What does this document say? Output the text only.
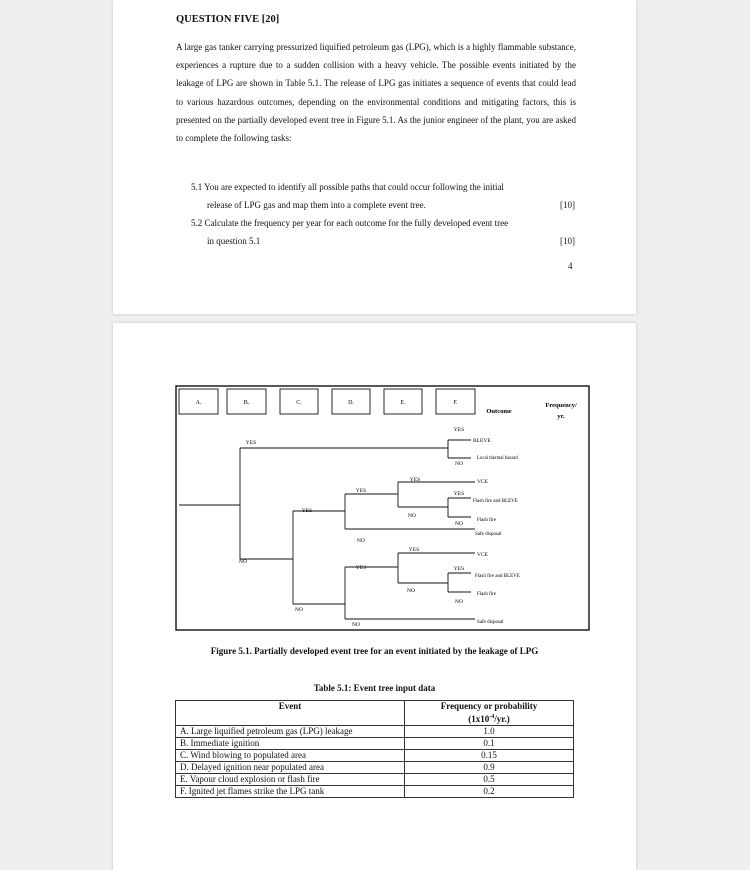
QUESTION FIVE [20]

A large gas tanker carrying pressurized liquified petroleum gas (LPG), which is a highly flammable substance, experiences a rupture due to a sudden collision with a heavy vehicle. The possible events initiated by the leakage of LPG are shown in Table 5.1. The release of LPG gas initiates a sequence of events that could lead to various hazardous outcomes, depending on the environmental conditions and mitigating factors, this is presented on the partially developed event tree in Figure 5.1. As the junior engineer of the plant, you are asked to complete the following tasks:

5.1 You are expected to identify all possible paths that could occur following the initial
release of LPG gas and map them into a complete event tree.	[10]
5.2 Calculate the frequency per year for each outcome for the fully developed event tree
in question 5.1	[10]
4
A.	B.	C.	D.	E.	F.
Outcome
Frequency/
yr.
YES
NO
YES
NO
YES
YES
NO
YES
NO
YES
NO
NO
YES
YES
NO
YES
NO
NO
BLEVE
Local thermal hazard
VCE
Flash fire and BLEVE
Flash fire
Safe disposal
VCE
Flash fire and BLEVE
Flash fire
Safe disposal
Figure 5.1. Partially developed event tree for an event initiated by the leakage of LPG
Table 5.1: Event tree input data
Event	Frequency or probability
$(1x10^{-4}/yr.)$
A. Large liquified petroleum gas (LPG) leakage	1.0
B. Immediate ignition	0.1
C. Wind blowing to populated area	0.15
D. Delayed ignition near populated area	0.9
E. Vapour cloud explosion or flash fire	0.5
F. Ignited jet flames strike the LPG tank	0.2
